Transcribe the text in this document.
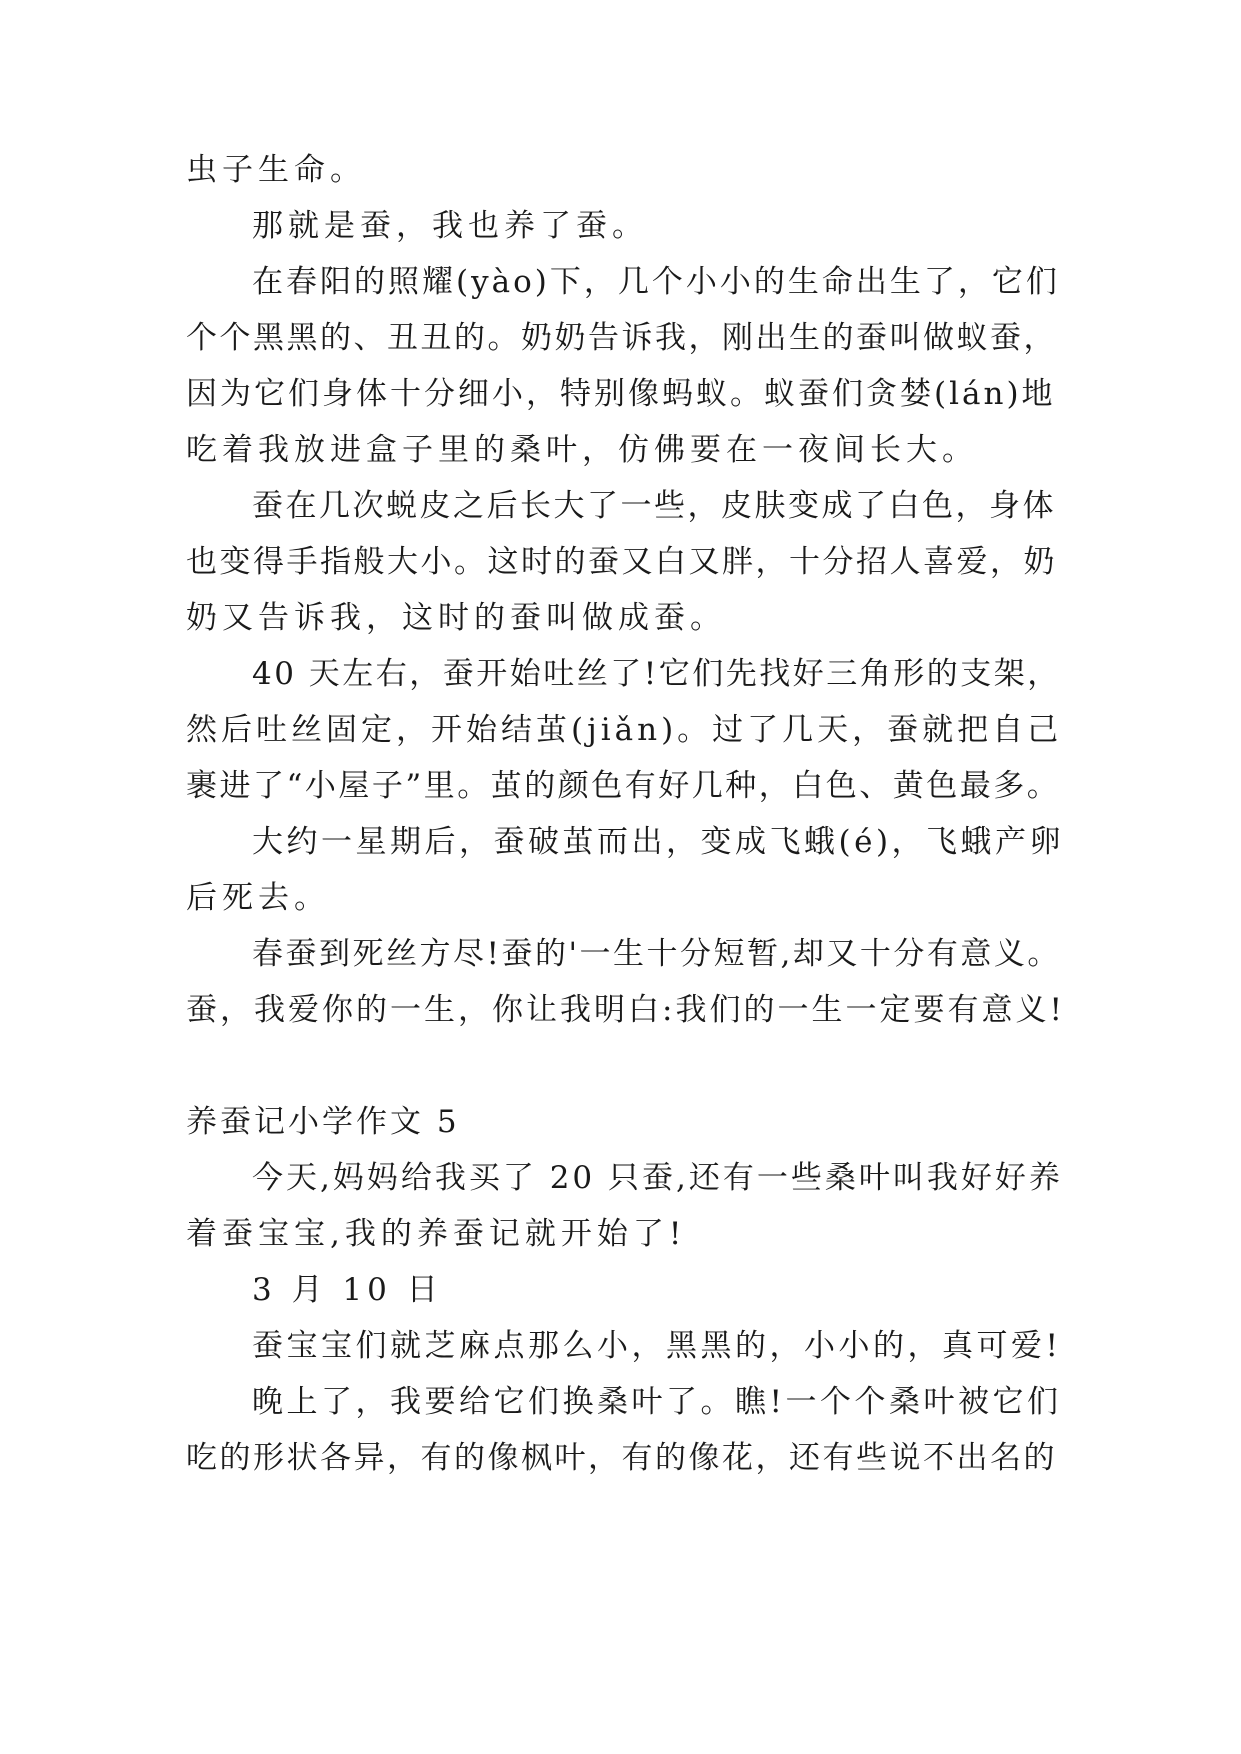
虫子生命。
那就是蚕，我也养了蚕。
在春阳的照耀(yào)下，几个小小的生命出生了，它们
个个黑黑的、丑丑的。奶奶告诉我，刚出生的蚕叫做蚁蚕，
因为它们身体十分细小，特别像蚂蚁。蚁蚕们贪婪(lán)地
吃着我放进盒子里的桑叶，仿佛要在一夜间长大。
蚕在几次蜕皮之后长大了一些，皮肤变成了白色，身体
也变得手指般大小。这时的蚕又白又胖，十分招人喜爱，奶
奶又告诉我，这时的蚕叫做成蚕。
40 天左右，蚕开始吐丝了!它们先找好三角形的支架，
然后吐丝固定，开始结茧(jiǎn)。过了几天，蚕就把自己
裹进了“小屋子”里。茧的颜色有好几种，白色、黄色最多。
大约一星期后，蚕破茧而出，变成飞蛾(é)，飞蛾产卵
后死去。
春蚕到死丝方尽!蚕的'一生十分短暂,却又十分有意义。
蚕，我爱你的一生，你让我明白:我们的一生一定要有意义!
养蚕记小学作文 5
今天,妈妈给我买了 20 只蚕,还有一些桑叶叫我好好养
着蚕宝宝,我的养蚕记就开始了!
3 月 10 日
蚕宝宝们就芝麻点那么小，黑黑的，小小的，真可爱!
晚上了，我要给它们换桑叶了。瞧!一个个桑叶被它们
吃的形状各异，有的像枫叶，有的像花，还有些说不出名的
